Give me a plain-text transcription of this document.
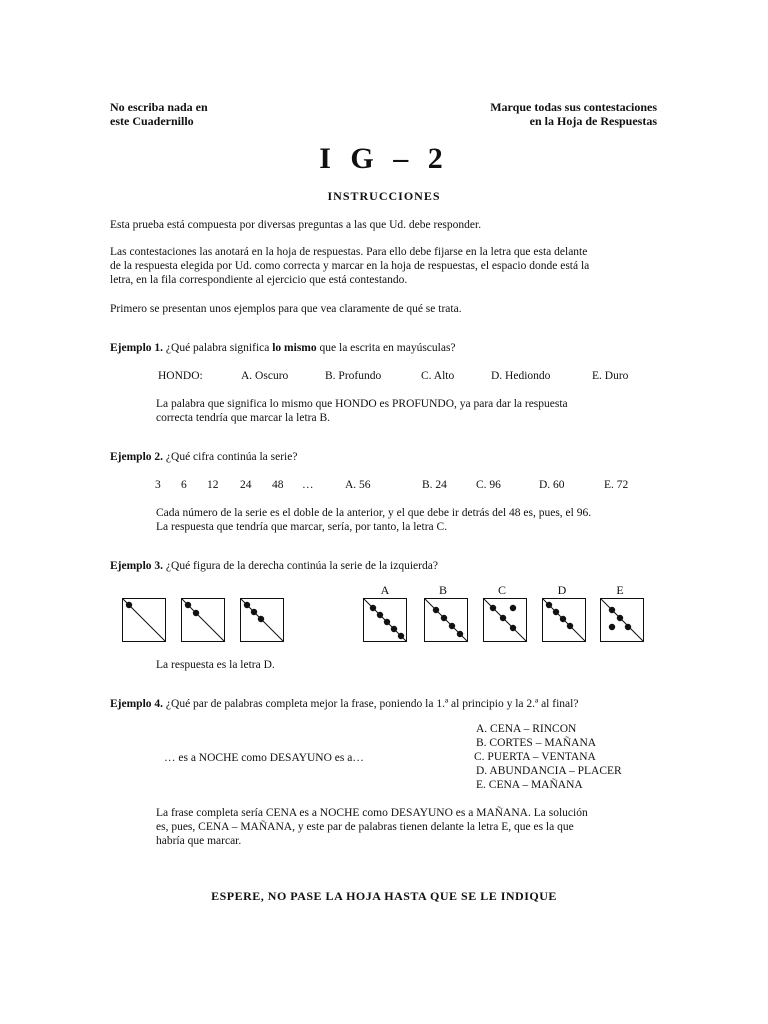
No escriba nada en
este Cuadernillo
Marque todas sus contestaciones
en la Hoja de Respuestas
I G – 2
INSTRUCCIONES
Esta prueba está compuesta por diversas preguntas a las que Ud. debe responder.
Las contestaciones las anotará en la hoja de respuestas. Para ello debe fijarse en la letra que esta delante
de la respuesta elegida por Ud. como correcta y marcar en la hoja de respuestas, el espacio donde está la
letra, en la fila correspondiente al ejercicio que está contestando.
Primero se presentan unos ejemplos para que vea claramente de qué se trata.
Ejemplo 1. ¿Qué palabra significa lo mismo que la escrita en mayúsculas?
HONDO:	A. Oscuro	B. Profundo	C. Alto	D. Hediondo	E. Duro
La palabra que significa lo mismo que HONDO es PROFUNDO, ya para dar la respuesta
correcta tendría que marcar la letra B.
Ejemplo 2. ¿Qué cifra continúa la serie?
3 6 12 24 48 …	A. 56	B. 24	C. 96	D. 60	E. 72
Cada número de la serie es el doble de la anterior, y el que debe ir detrás del 48 es, pues, el 96.
La respuesta que tendría que marcar, sería, por tanto, la letra C.
Ejemplo 3. ¿Qué figura de la derecha continúa la serie de la izquierda?
A	B	C	D	E
La respuesta es la letra D.
Ejemplo 4. ¿Qué par de palabras completa mejor la frase, poniendo la 1.ª al principio y la 2.ª al final?
A. CENA – RINCON
B. CORTES – MAÑANA
C. PUERTA – VENTANA
D. ABUNDANCIA – PLACER
E. CENA – MAÑANA
… es a NOCHE como DESAYUNO es a…
La frase completa sería CENA es a NOCHE como DESAYUNO es a MAÑANA. La solución
es, pues, CENA – MAÑANA, y este par de palabras tienen delante la letra E, que es la que
habría que marcar.
ESPERE, NO PASE LA HOJA HASTA QUE SE LE INDIQUE
